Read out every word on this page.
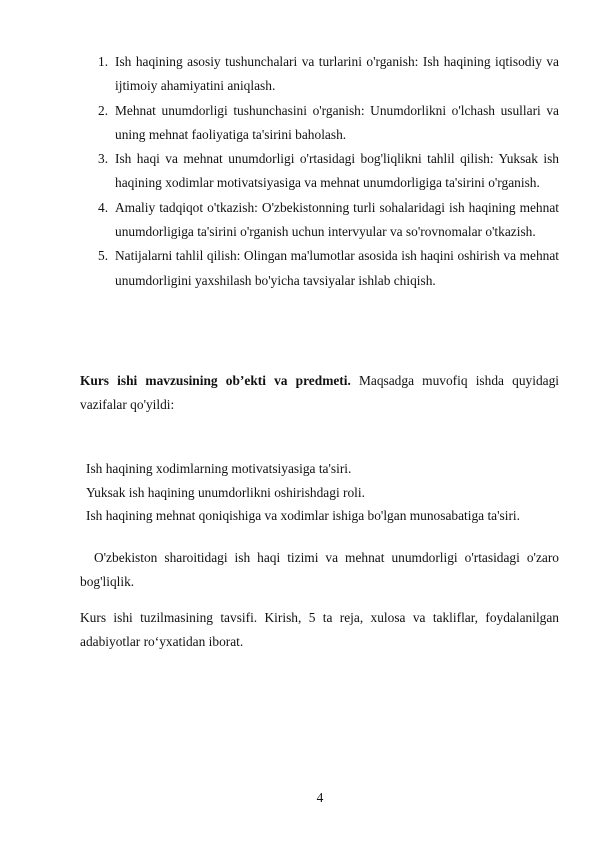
1. Ish haqining asosiy tushunchalari va turlarini o'rganish: Ish haqining iqtisodiy va ijtimoiy ahamiyatini aniqlash.
2. Mehnat unumdorligi tushunchasini o'rganish: Unumdorlikni o'lchash usullari va uning mehnat faoliyatiga ta'sirini baholash.
3. Ish haqi va mehnat unumdorligi o'rtasidagi bog'liqlikni tahlil qilish: Yuksak ish haqining xodimlar motivatsiyasiga va mehnat unumdorligiga ta'sirini o'rganish.
4. Amaliy tadqiqot o'tkazish: O'zbekistonning turli sohalaridagi ish haqining mehnat unumdorligiga ta'sirini o'rganish uchun intervyular va so'rovnomalar o'tkazish.
5. Natijalarni tahlil qilish: Olingan ma'lumotlar asosida ish haqini oshirish va mehnat unumdorligini yaxshilash bo'yicha tavsiyalar ishlab chiqish.

Kurs ishi mavzusining ob’ekti va predmeti. Maqsadga muvofiq ishda quyidagi vazifalar qo'yildi:

Ish haqining xodimlarning motivatsiyasiga ta'siri.
Yuksak ish haqining unumdorlikni oshirishdagi roli.
Ish haqining mehnat qoniqishiga va xodimlar ishiga bo'lgan munosabatiga ta'siri.

O'zbekiston sharoitidagi ish haqi tizimi va mehnat unumdorligi o'rtasidagi o'zaro bog'liqlik.

Kurs ishi tuzilmasining tavsifi. Kirish, 5 ta reja, xulosa va takliflar, foydalanilgan adabiyotlar ro‘yxatidan iborat.

4
